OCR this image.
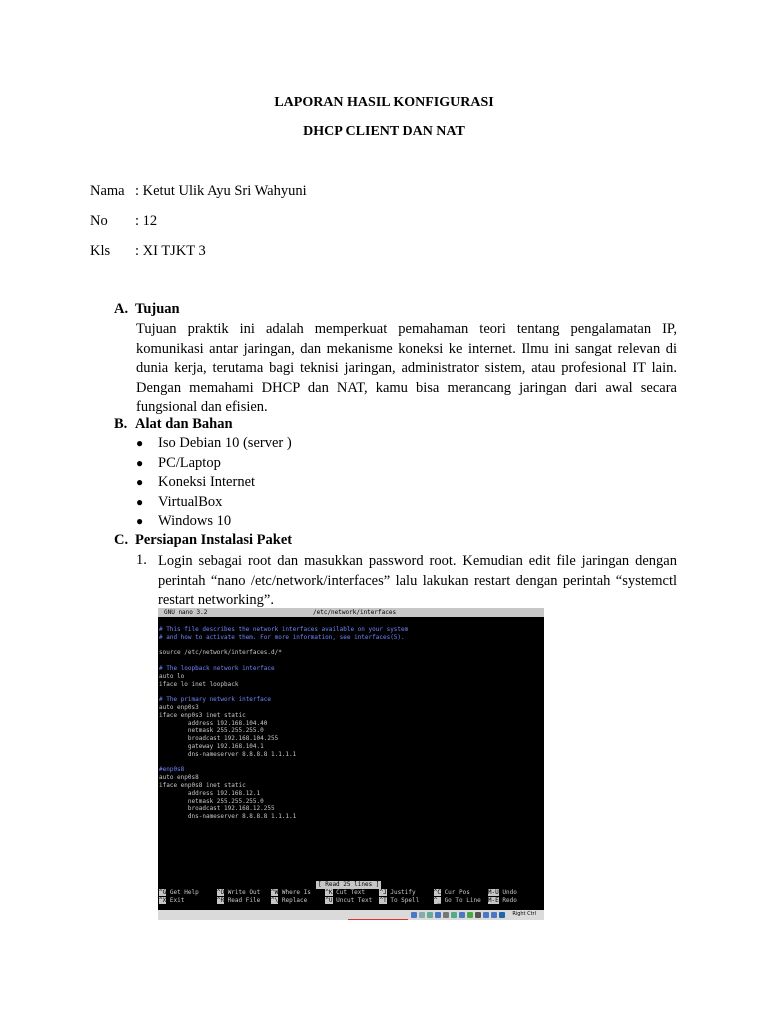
LAPORAN HASIL KONFIGURASI
DHCP CLIENT DAN NAT
Nama : Ketut Ulik Ayu Sri Wahyuni
No : 12
Kls : XI TJKT 3
A. Tujuan
Tujuan praktik ini adalah memperkuat pemahaman teori tentang pengalamatan IP, komunikasi antar jaringan, dan mekanisme koneksi ke internet. Ilmu ini sangat relevan di dunia kerja, terutama bagi teknisi jaringan, administrator sistem, atau profesional IT lain. Dengan memahami DHCP dan NAT, kamu bisa merancang jaringan dari awal secara fungsional dan efisien.
B. Alat dan Bahan
● Iso Debian 10 (server )
● PC/Laptop
● Koneksi Internet
● VirtualBox
● Windows 10
C. Persiapan Instalasi Paket
1. Login sebagai root dan masukkan password root. Kemudian edit file jaringan dengan perintah “nano /etc/network/interfaces” lalu lakukan restart dengan perintah “systemctl restart networking”.
GNU nano 3.2	/etc/network/interfaces
# This file describes the network interfaces available on your system
# and how to activate them. For more information, see interfaces(5).

source /etc/network/interfaces.d/*

# The loopback network interface
auto lo
iface lo inet loopback

# The primary network interface
auto enp0s3
iface enp0s3 inet static
address 192.168.104.40
netmask 255.255.255.0
broadcast 192.168.104.255
gateway 192.168.104.1
dns-nameserver 8.8.8.8 1.1.1.1

#enp0s8
auto enp0s8
iface enp0s8 inet static
address 192.168.12.1
netmask 255.255.255.0
broadcast 192.168.12.255
dns-nameserver 8.8.8.8 1.1.1.1
[ Read 25 lines ]
^G Get Help	^O Write Out ^W Where Is ^K Cut Text ^J Justify	^C Cur Pos	M-U Undo
^X Exit	^R Read File ^\ Replace	^U Uncut Text ^T To Spell ^_ Go To Line M-E Redo
Right Ctrl
